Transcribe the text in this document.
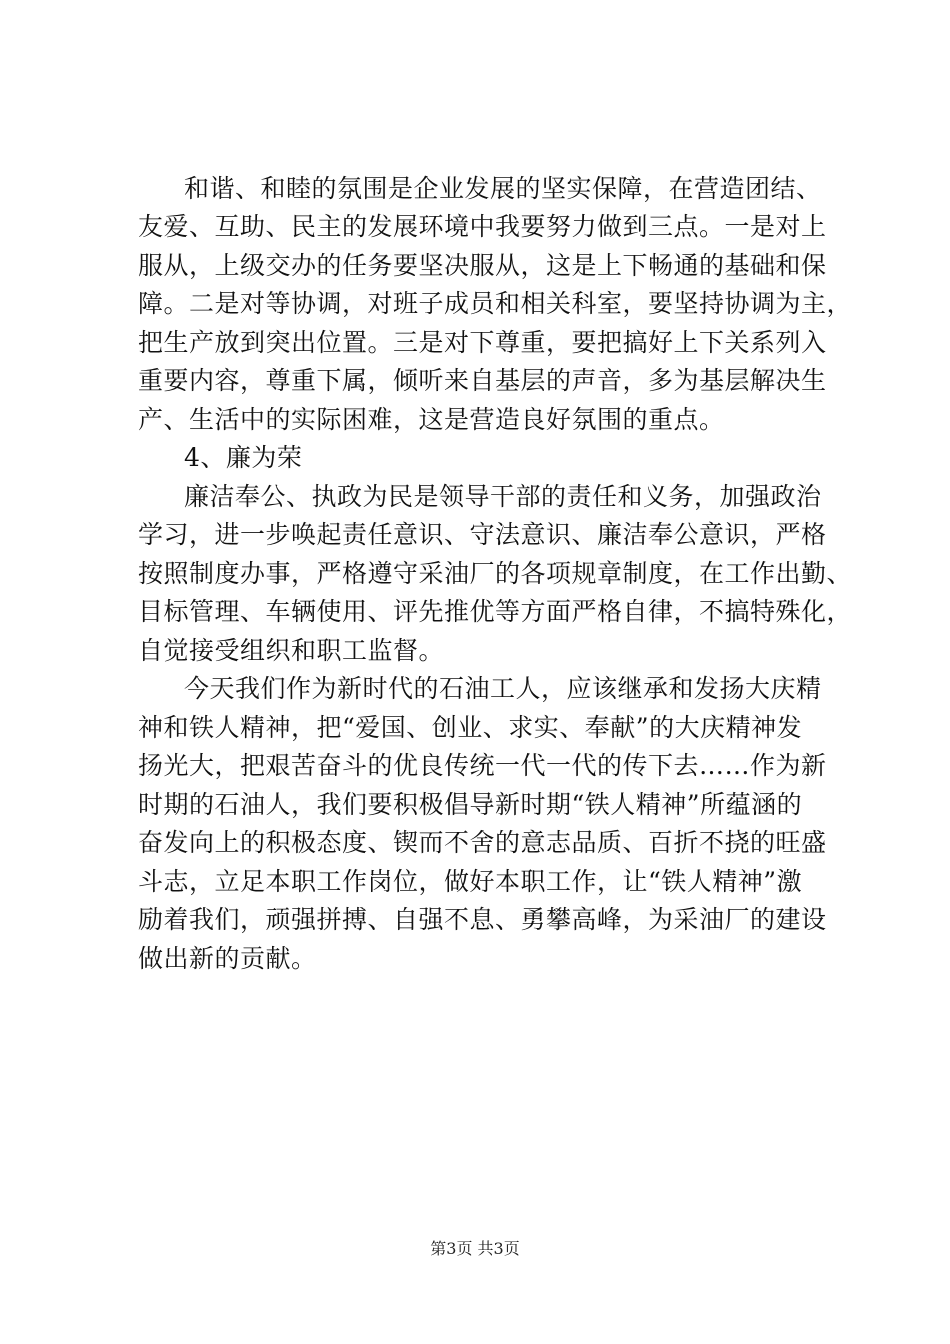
和谐、和睦的氛围是企业发展的坚实保障，在营造团结、
友爱、互助、民主的发展环境中我要努力做到三点。一是对上
服从，上级交办的任务要坚决服从，这是上下畅通的基础和保
障。二是对等协调，对班子成员和相关科室，要坚持协调为主，
把生产放到突出位置。三是对下尊重，要把搞好上下关系列入
重要内容，尊重下属，倾听来自基层的声音，多为基层解决生
产、生活中的实际困难，这是营造良好氛围的重点。
4、廉为荣
廉洁奉公、执政为民是领导干部的责任和义务，加强政治
学习，进一步唤起责任意识、守法意识、廉洁奉公意识，严格
按照制度办事，严格遵守采油厂的各项规章制度，在工作出勤、
目标管理、车辆使用、评先推优等方面严格自律，不搞特殊化，
自觉接受组织和职工监督。
今天我们作为新时代的石油工人，应该继承和发扬大庆精
神和铁人精神，把“爱国、创业、求实、奉献”的大庆精神发
扬光大，把艰苦奋斗的优良传统一代一代的传下去……作为新
时期的石油人，我们要积极倡导新时期“铁人精神”所蕴涵的
奋发向上的积极态度、锲而不舍的意志品质、百折不挠的旺盛
斗志，立足本职工作岗位，做好本职工作，让“铁人精神”激
励着我们，顽强拼搏、自强不息、勇攀高峰，为采油厂的建设
做出新的贡献。
第3页 共3页
